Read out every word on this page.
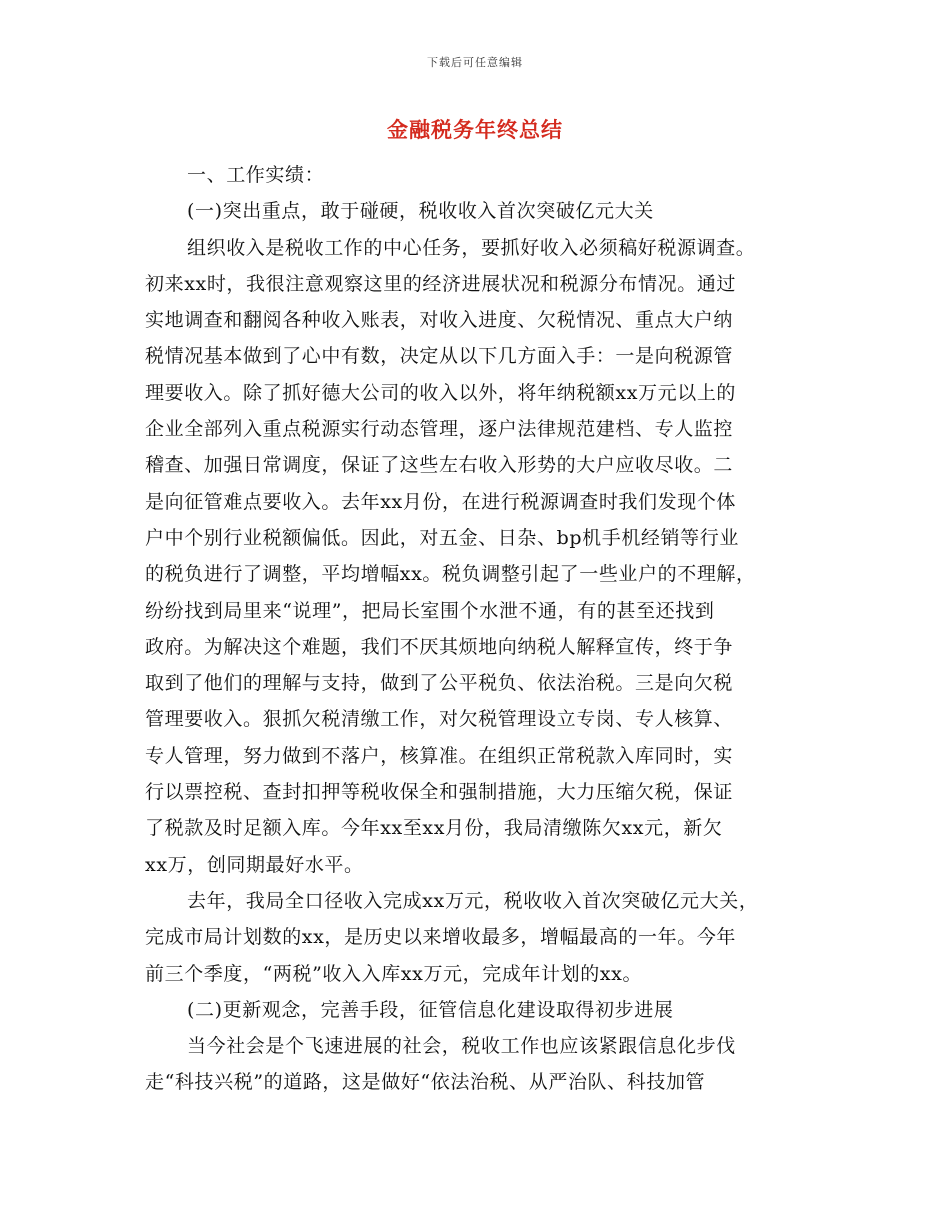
下载后可任意编辑
金融税务年终总结
一、工作实绩：
(一)突出重点，敢于碰硬，税收收入首次突破亿元大关
组织收入是税收工作的中心任务，要抓好收入必须稿好税源调查。
初来xx时，我很注意观察这里的经济进展状况和税源分布情况。通过
实地调查和翻阅各种收入账表，对收入进度、欠税情况、重点大户纳
税情况基本做到了心中有数，决定从以下几方面入手：一是向税源管
理要收入。除了抓好德大公司的收入以外，将年纳税额xx万元以上的
企业全部列入重点税源实行动态管理，逐户法律规范建档、专人监控
稽查、加强日常调度，保证了这些左右收入形势的大户应收尽收。二
是向征管难点要收入。去年xx月份，在进行税源调查时我们发现个体
户中个别行业税额偏低。因此，对五金、日杂、bp机手机经销等行业
的税负进行了调整，平均增幅xx。税负调整引起了一些业户的不理解，
纷纷找到局里来“说理”，把局长室围个水泄不通，有的甚至还找到
政府。为解决这个难题，我们不厌其烦地向纳税人解释宣传，终于争
取到了他们的理解与支持，做到了公平税负、依法治税。三是向欠税
管理要收入。狠抓欠税清缴工作，对欠税管理设立专岗、专人核算、
专人管理，努力做到不落户，核算准。在组织正常税款入库同时，实
行以票控税、查封扣押等税收保全和强制措施，大力压缩欠税，保证
了税款及时足额入库。今年xx至xx月份，我局清缴陈欠xx元，新欠
xx万，创同期最好水平。
去年，我局全口径收入完成xx万元，税收收入首次突破亿元大关，
完成市局计划数的xx，是历史以来增收最多，增幅最高的一年。今年
前三个季度，“两税”收入入库xx万元，完成年计划的xx。
(二)更新观念，完善手段，征管信息化建设取得初步进展
当今社会是个飞速进展的社会，税收工作也应该紧跟信息化步伐
走“科技兴税”的道路，这是做好“依法治税、从严治队、科技加管
